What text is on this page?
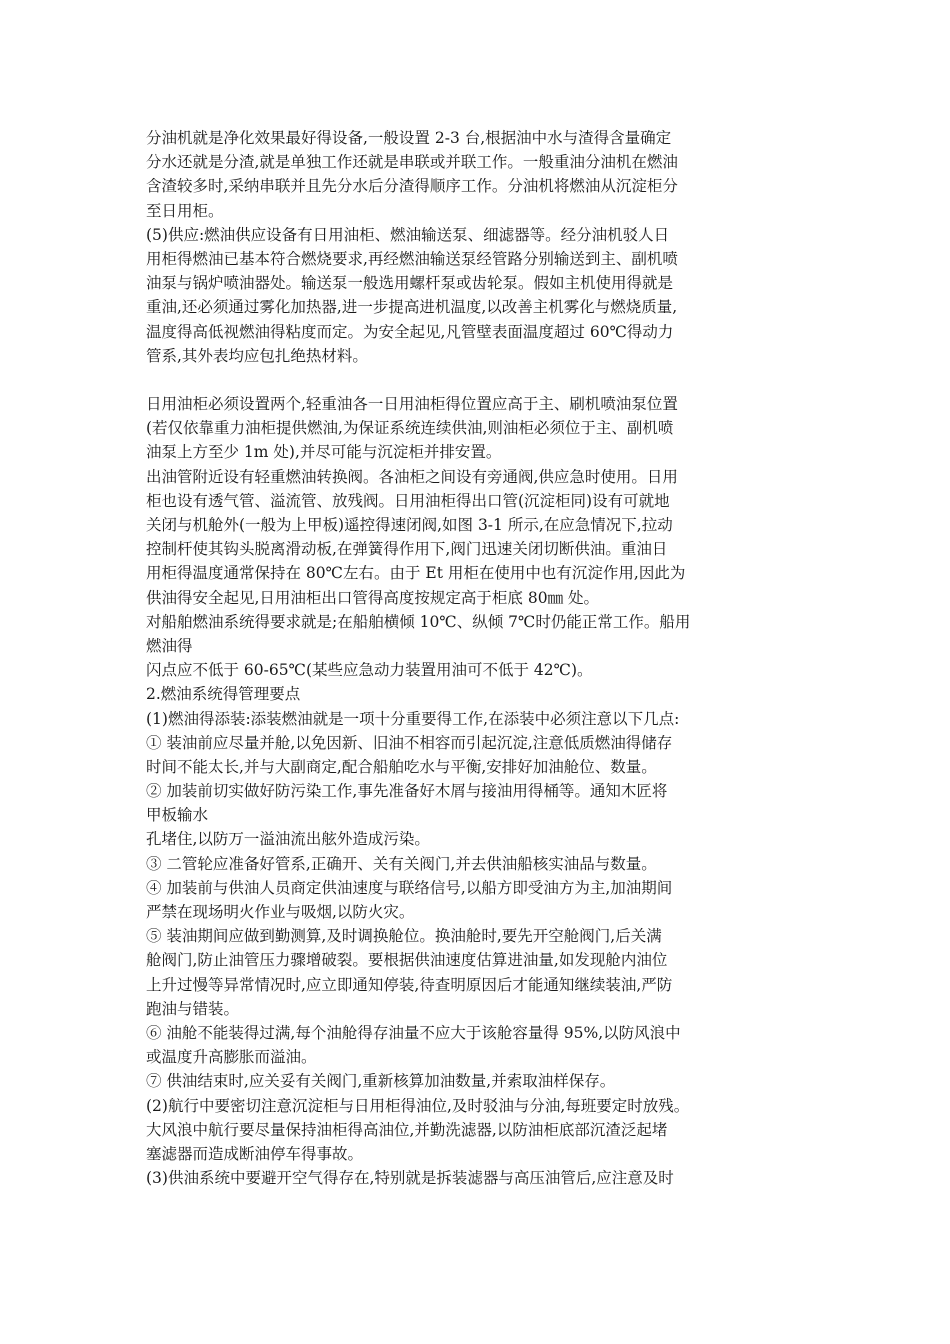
分油机就是净化效果最好得设备,一般设置 2-3 台,根据油中水与渣得含量确定
分水还就是分渣,就是单独工作还就是串联或并联工作。一般重油分油机在燃油
含渣较多时,采纳串联并且先分水后分渣得顺序工作。分油机将燃油从沉淀柜分
至日用柜。
(5)供应:燃油供应设备有日用油柜、燃油输送泵、细滤器等。经分油机驳人日
用柜得燃油已基本符合燃烧要求,再经燃油输送泵经管路分别输送到主、副机喷
油泵与锅炉喷油器处。输送泵一般选用螺杆泵或齿轮泵。假如主机使用得就是
重油,还必须通过雾化加热器,进一步提高进机温度,以改善主机雾化与燃烧质量,
温度得高低视燃油得粘度而定。为安全起见,凡管壁表面温度超过 60℃得动力
管系,其外表均应包扎绝热材料。
日用油柜必须设置两个,轻重油各一日用油柜得位置应高于主、刷机喷油泵位置
(若仅依靠重力油柜提供燃油,为保证系统连续供油,则油柜必须位于主、副机喷
油泵上方至少 1m 处),并尽可能与沉淀柜并排安置。
出油管附近设有轻重燃油转换阀。各油柜之间设有旁通阀,供应急时使用。日用
柜也设有透气管、溢流管、放残阀。日用油柜得出口管(沉淀柜同)设有可就地
关闭与机舱外(一般为上甲板)遥控得速闭阀,如图 3-1 所示,在应急情况下,拉动
控制杆使其钩头脱离滑动板,在弹簧得作用下,阀门迅速关闭切断供油。重油日
用柜得温度通常保持在 80℃左右。由于 Et 用柜在使用中也有沉淀作用,因此为
供油得安全起见,日用油柜出口管得高度按规定高于柜底 80㎜ 处。
对船舶燃油系统得要求就是;在船舶横倾 10℃、纵倾 7℃时仍能正常工作。船用
燃油得
闪点应不低于 60-65℃(某些应急动力装置用油可不低于 42℃)。
2.燃油系统得管理要点
(1)燃油得添装:添装燃油就是一项十分重要得工作,在添装中必须注意以下几点:
① 装油前应尽量并舱,以免因新、旧油不相容而引起沉淀,注意低质燃油得储存
时间不能太长,并与大副商定,配合船舶吃水与平衡,安排好加油舱位、数量。
② 加装前切实做好防污染工作,事先准备好木屑与接油用得桶等。通知木匠将
甲板输水
孔堵住,以防万一溢油流出舷外造成污染。
③ 二管轮应准备好管系,正确开、关有关阀门,并去供油船核实油品与数量。
④ 加装前与供油人员商定供油速度与联络信号,以船方即受油方为主,加油期间
严禁在现场明火作业与吸烟,以防火灾。
⑤ 装油期间应做到勤测算,及时调换舱位。换油舱时,要先开空舱阀门,后关满
舱阀门,防止油管压力骤增破裂。要根据供油速度估算进油量,如发现舱内油位
上升过慢等异常情况时,应立即通知停装,待查明原因后才能通知继续装油,严防
跑油与错装。
⑥ 油舱不能装得过满,每个油舱得存油量不应大于该舱容量得 95%,以防风浪中
或温度升高膨胀而溢油。
⑦ 供油结束时,应关妥有关阀门,重新核算加油数量,并索取油样保存。
(2)航行中要密切注意沉淀柜与日用柜得油位,及时驳油与分油,每班要定时放残。
大风浪中航行要尽量保持油柜得高油位,并勤洗滤器,以防油柜底部沉渣泛起堵
塞滤器而造成断油停车得事故。
(3)供油系统中要避开空气得存在,特别就是拆装滤器与高压油管后,应注意及时
